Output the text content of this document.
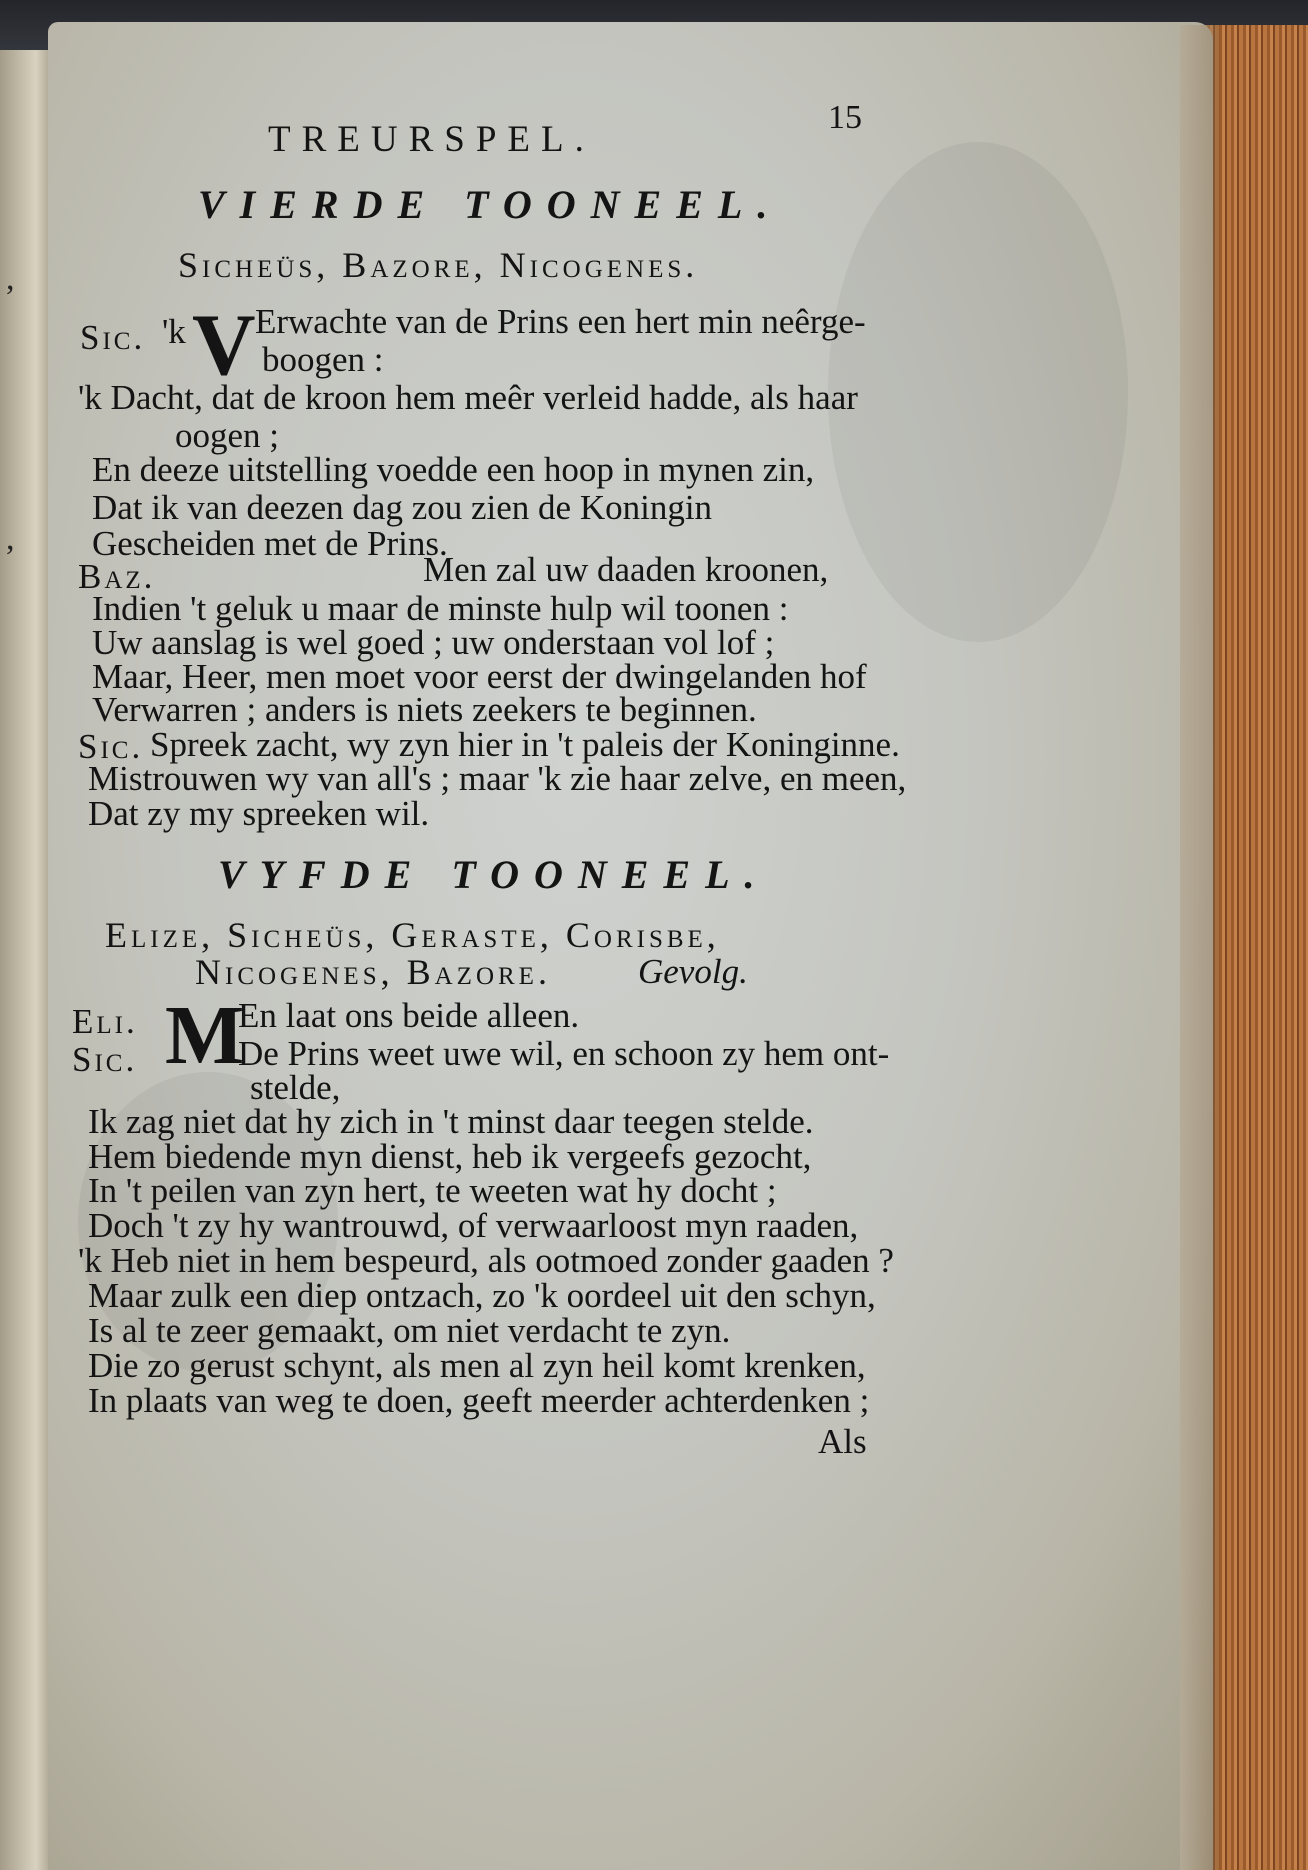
,
,
TREURSPEL.
15
VIERDE TOONEEL.
Sicheüs, Bazore, Nicogenes.
Sic. 'k V Erwachte van de Prins een hert min neêrge-
boogen :
'k Dacht, dat de kroon hem meêr verleid hadde, als haar
oogen ;
En deeze uitstelling voedde een hoop in mynen zin,
Dat ik van deezen dag zou zien de Koningin
Gescheiden met de Prins.
Baz.	Men zal uw daaden kroonen,
Indien 't geluk u maar de minste hulp wil toonen :
Uw aanslag is wel goed ; uw onderstaan vol lof ;
Maar, Heer, men moet voor eerst der dwingelanden hof
Verwarren ; anders is niets zeekers te beginnen.
Sic. Spreek zacht, wy zyn hier in 't paleis der Koninginne.
Mistrouwen wy van all's ; maar 'k zie haar zelve, en meen,
Dat zy my spreeken wil.
VYFDE TOONEEL.
Elize, Sicheüs, Geraste, Corisbe,
Nicogenes, Bazore. Gevolg.
Eli. M
En laat ons beide alleen.
Sic.	De Prins weet uwe wil, en schoon zy hem ont-
stelde,
Ik zag niet dat hy zich in 't minst daar teegen stelde.
Hem biedende myn dienst, heb ik vergeefs gezocht,
In 't peilen van zyn hert, te weeten wat hy docht ;
Doch 't zy hy wantrouwd, of verwaarloost myn raaden,
'k Heb niet in hem bespeurd, als ootmoed zonder gaaden ?
Maar zulk een diep ontzach, zo 'k oordeel uit den schyn,
Is al te zeer gemaakt, om niet verdacht te zyn.
Die zo gerust schynt, als men al zyn heil komt krenken,
In plaats van weg te doen, geeft meerder achterdenken ;
Als
